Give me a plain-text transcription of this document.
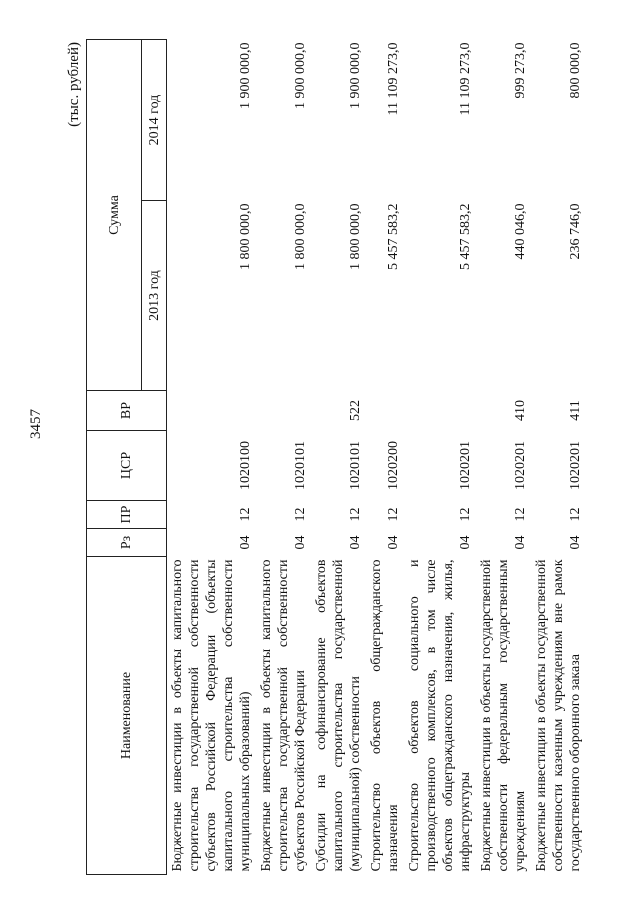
3457
(тыс. рублей)
Наименование	Рз	ПР	ЦСР	ВР	Сумма	
					2013 год	2014 год
Бюджетные инвестиции в объекты капитального строительства государственной собственности субъектов Российской Федерации (объекты капитального строительства собственности муниципальных образований)	04	12	1020100		1 800 000,0	1 900 000,0
Бюджетные инвестиции в объекты капитального строительства государственной собственности субъектов Российской Федерации	04	12	1020101		1 800 000,0	1 900 000,0
Субсидии на софинансирование объектов капитального строительства государственной (муниципальной) собственности	04	12	1020101	522	1 800 000,0	1 900 000,0
Строительство объектов общегражданского назначения	04	12	1020200		5 457 583,2	11 109 273,0
Строительство объектов социального и производственного комплексов, в том числе объектов общегражданского назначения, жилья, инфраструктуры	04	12	1020201		5 457 583,2	11 109 273,0
Бюджетные инвестиции в объекты государственной собственности федеральным государственным учреждениям	04	12	1020201	410	440 046,0	999 273,0
Бюджетные инвестиции в объекты государственной собственности казенным учреждениям вне рамок государственного оборонного заказа	04	12	1020201	411	236 746,0	800 000,0
